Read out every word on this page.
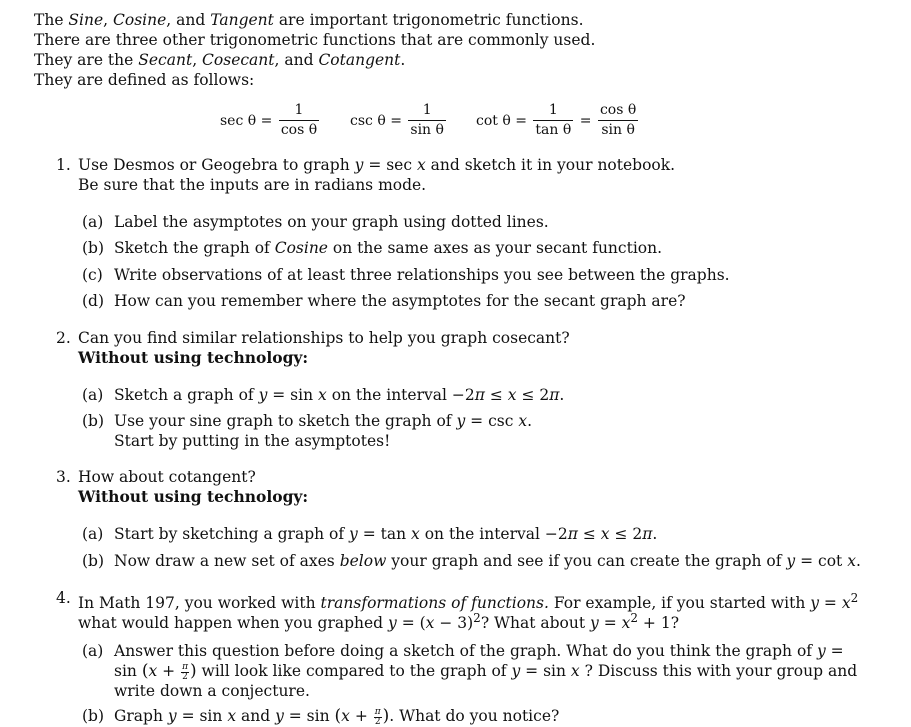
The Sine, Cosine, and Tangent are important trigonometric functions.
There are three other trigonometric functions that are commonly used.
They are the Secant, Cosecant, and Cotangent.
They are defined as follows:
$\sec \theta = \frac{1}{\text{cos θ}}$ $\csc \theta = \frac{1}{\text{sin θ}}$ $\cot \theta = \frac{1}{\text{tan θ}} = \frac{\text{cos θ}}{\text{sin θ}}$
1. Use Desmos or Geogebra to graph y = sec x and sketch it in your notebook.
Be sure that the inputs are in radians mode.
(a) Label the asymptotes on your graph using dotted lines.
(b) Sketch the graph of Cosine on the same axes as your secant function.
(c) Write observations of at least three relationships you see between the graphs.
(d) How can you remember where the asymptotes for the secant graph are?
2. Can you find similar relationships to help you graph cosecant?
Without using technology:
(a) Sketch a graph of y = sin x on the interval −2π ≤ x ≤ 2π.
(b) Use your sine graph to sketch the graph of y = csc x.
Start by putting in the asymptotes!
3. How about cotangent?
Without using technology:
(a) Start by sketching a graph of y = tan x on the interval −2π ≤ x ≤ 2π.
(b) Now draw a new set of axes below your graph and see if you can create the graph of y = cot x.
4. In Math 197, you worked with transformations of functions. For example, if you started with $y = x^2$
what would happen when you graphed $y = (x - 3)^2$? What about $y = x^2 + 1$?
(a) Answer this question before doing a sketch of the graph. What do you think the graph of y =
$\sin (x + \frac{\pi}{2}$ ) will look like compared to the graph of y = sin x ? Discuss this with your group and
write down a conjecture.
(b) Graph y = sin x and $y = \sin (x + \frac{\pi}{2}$ ). What do you notice?
